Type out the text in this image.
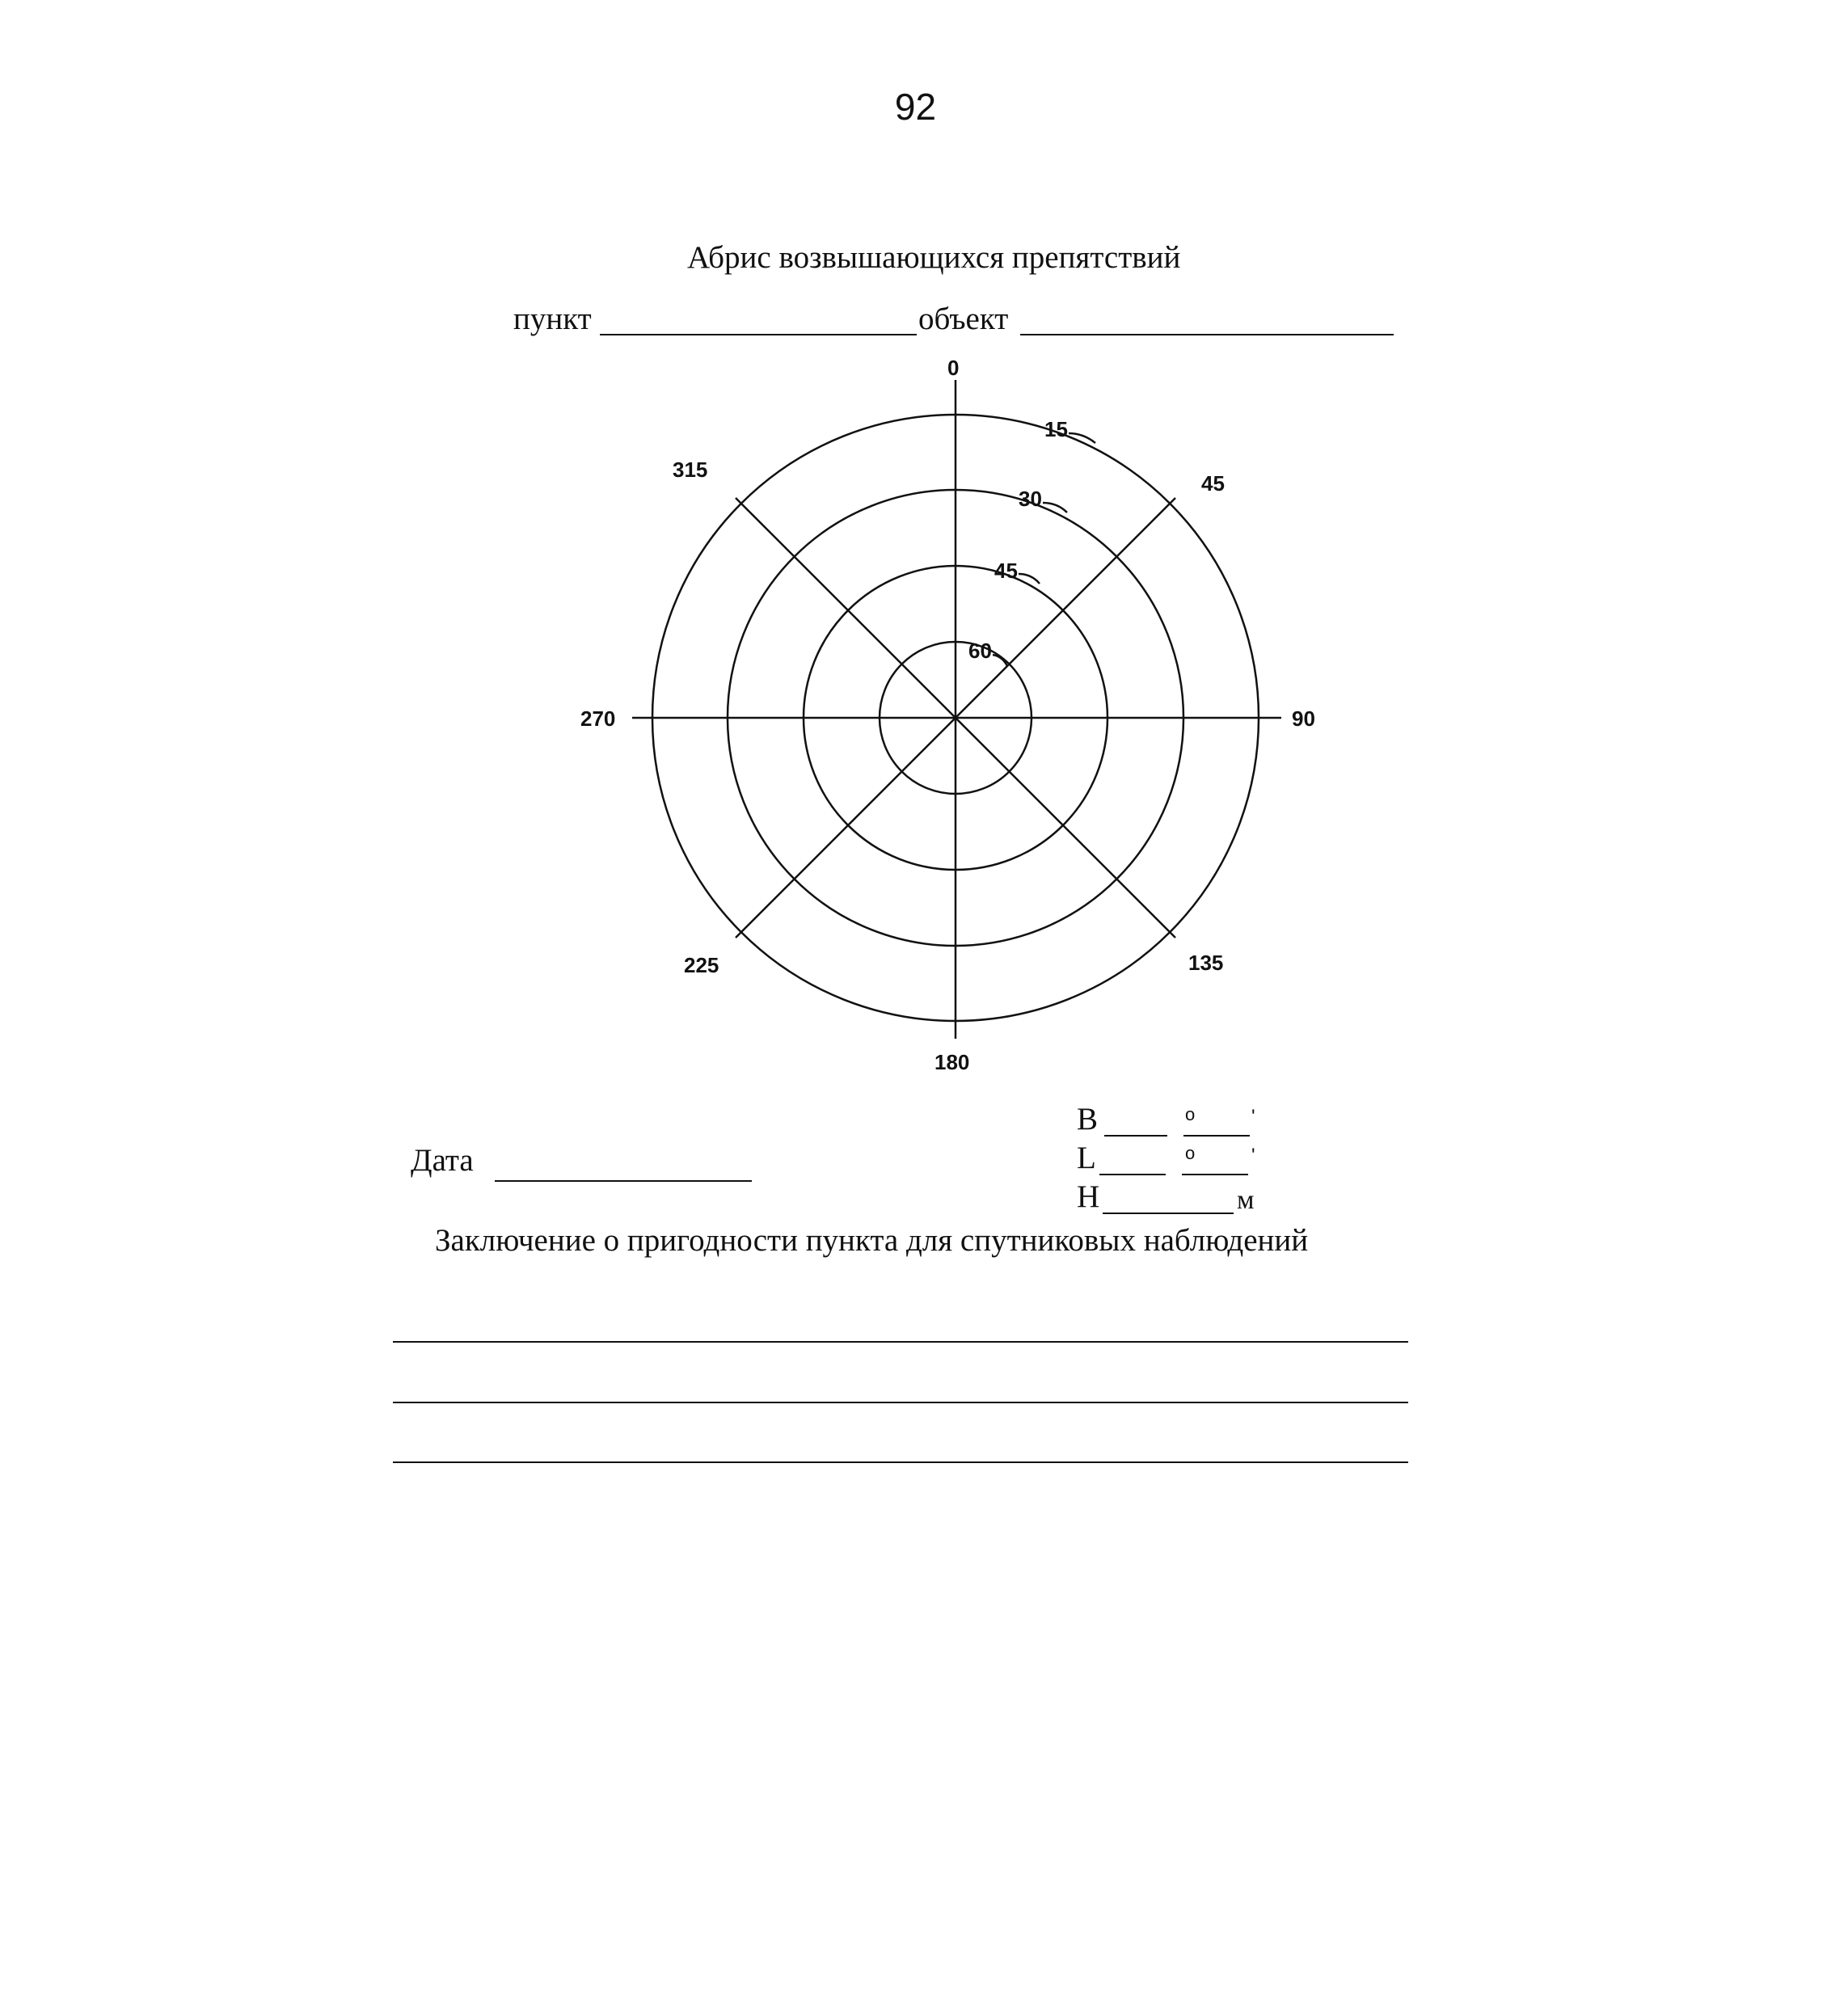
92
Абрис возвышающихся препятствий
пункт	объект
0
45
90
135
180
225
270
315
15
30
45
60
Дата
B	o	'
L	o	'
H	м
Заключение о пригодности пункта для спутниковых наблюдений
